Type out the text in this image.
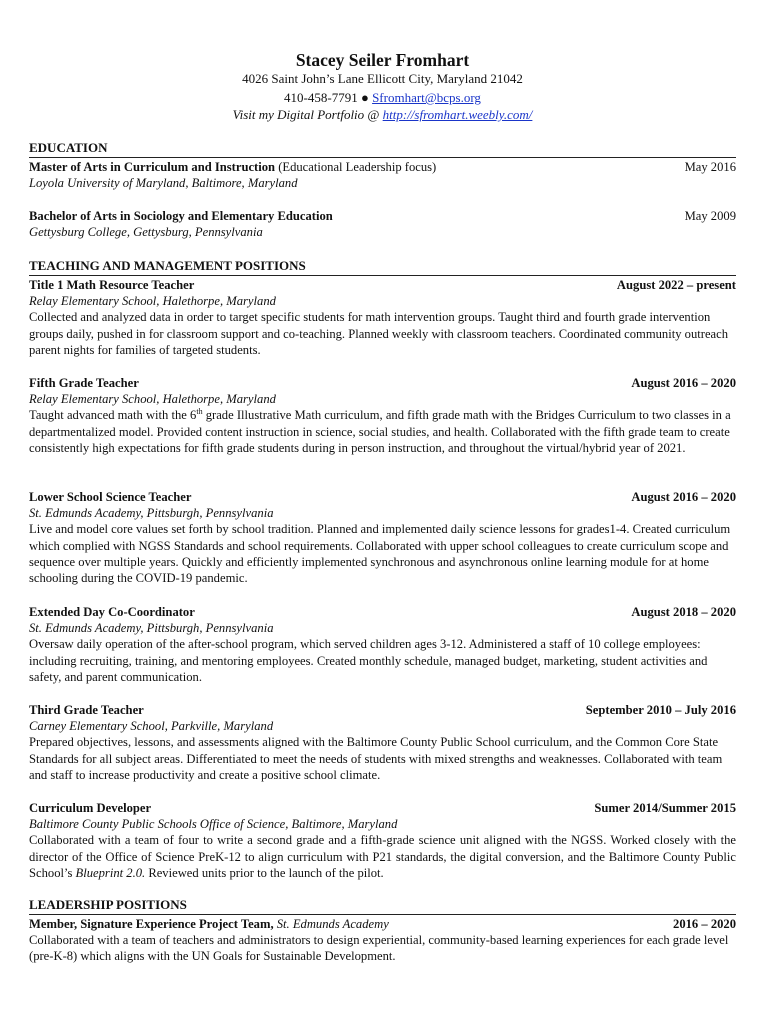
Stacey Seiler Fromhart
4026 Saint John’s Lane Ellicott City, Maryland 21042
410-458-7791 ● Sfromhart@bcps.org
Visit my Digital Portfolio @ http://sfromhart.weebly.com/
EDUCATION
Master of Arts in Curriculum and Instruction (Educational Leadership focus)	May 2016
Loyola University of Maryland, Baltimore, Maryland
Bachelor of Arts in Sociology and Elementary Education	May 2009
Gettysburg College, Gettysburg, Pennsylvania
TEACHING AND MANAGEMENT POSITIONS
Title 1 Math Resource Teacher	August 2022 – present
Relay Elementary School, Halethorpe, Maryland
Collected and analyzed data in order to target specific students for math intervention groups. Taught third and fourth grade intervention groups daily, pushed in for classroom support and co-teaching. Planned weekly with classroom teachers. Coordinated community outreach parent nights for families of targeted students.
Fifth Grade Teacher	August 2016 – 2020
Relay Elementary School, Halethorpe, Maryland
Taught advanced math with the 6th grade Illustrative Math curriculum, and fifth grade math with the Bridges Curriculum to two classes in a departmentalized model. Provided content instruction in science, social studies, and health. Collaborated with the fifth grade team to create consistently high expectations for fifth grade students during in person instruction, and throughout the virtual/hybrid year of 2021.
Lower School Science Teacher	August 2016 – 2020
St. Edmunds Academy, Pittsburgh, Pennsylvania
Live and model core values set forth by school tradition. Planned and implemented daily science lessons for grades1-4. Created curriculum which complied with NGSS Standards and school requirements. Collaborated with upper school colleagues to create curriculum scope and sequence over multiple years. Quickly and efficiently implemented synchronous and asynchronous online learning module for at home schooling during the COVID-19 pandemic.
Extended Day Co-Coordinator	August 2018 – 2020
St. Edmunds Academy, Pittsburgh, Pennsylvania
Oversaw daily operation of the after-school program, which served children ages 3-12. Administered a staff of 10 college employees: including recruiting, training, and mentoring employees. Created monthly schedule, managed budget, marketing, student activities and safety, and parent communication.
Third Grade Teacher	September 2010 – July 2016
Carney Elementary School, Parkville, Maryland
Prepared objectives, lessons, and assessments aligned with the Baltimore County Public School curriculum, and the Common Core State Standards for all subject areas. Differentiated to meet the needs of students with mixed strengths and weaknesses. Collaborated with team and staff to increase productivity and create a positive school climate.
Curriculum Developer	Sumer 2014/Summer 2015
Baltimore County Public Schools Office of Science, Baltimore, Maryland
Collaborated with a team of four to write a second grade and a fifth-grade science unit aligned with the NGSS. Worked closely with the director of the Office of Science PreK-12 to align curriculum with P21 standards, the digital conversion, and the Baltimore County Public School’s Blueprint 2.0. Reviewed units prior to the launch of the pilot.
LEADERSHIP POSITIONS
Member, Signature Experience Project Team, St. Edmunds Academy	2016 – 2020
Collaborated with a team of teachers and administrators to design experiential, community-based learning experiences for each grade level (pre-K-8) which aligns with the UN Goals for Sustainable Development.
